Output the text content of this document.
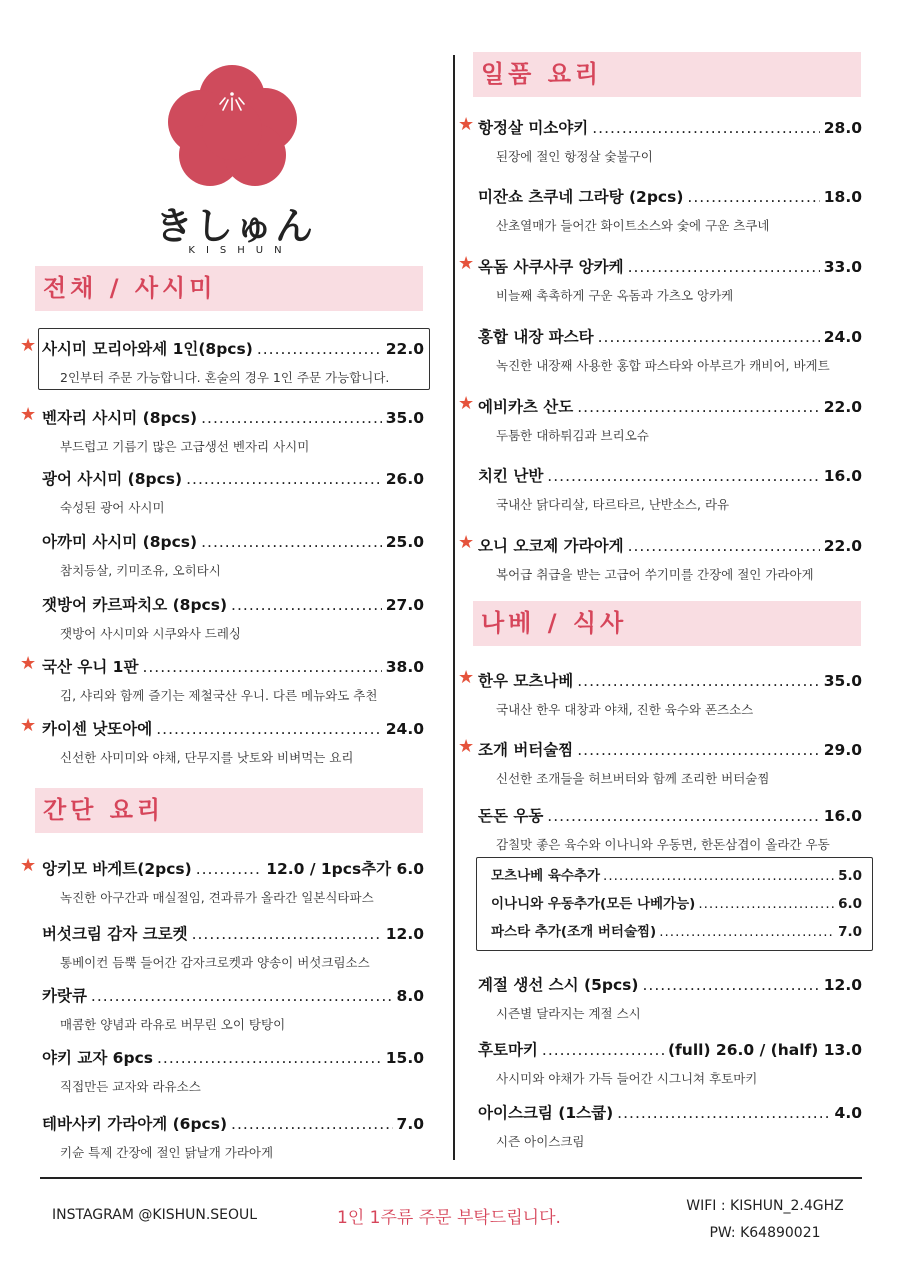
きしゅん
KISHUN
전채 / 사시미
간단 요리
일품 요리
나베 / 식사
사시미 모리아와세 1인(8pcs) .....	22.0
2인부터 주문 가능합니다. 혼술의 경우 1인 주문 가능합니다.
★
벤자리 사시미 (8pcs) .....	35.0
부드럽고 기름기 많은 고급생선 벤자리 사시미
★
광어 사시미 (8pcs) .....	26.0
숙성된 광어 사시미
아까미 사시미 (8pcs) .....	25.0
참치등살, 키미조유, 오히타시
잿방어 카르파치오 (8pcs) .....	27.0
잿방어 사시미와 시쿠와사 드레싱
국산 우니 1판 .....	38.0
김, 샤리와 함께 즐기는 제철국산 우니. 다른 메뉴와도 추천
★
카이센 낫또아에 .....	24.0
신선한 사미미와 야채, 단무지를 낫토와 비벼먹는 요리
★
앙키모 바게트(2pcs) .....	12.0 / 1pcs추가 6.0
녹진한 아구간과 매실절임, 견과류가 올라간 일본식타파스
★
버섯크림 감자 크로켓 .....	12.0
통베이컨 듬뿍 들어간 감자크로켓과 양송이 버섯크림소스
카랏큐 .....	8.0
매콤한 양념과 라유로 버무린 오이 탕탕이
야키 교자 6pcs .....	15.0
직접만든 교자와 라유소스
테바사키 가라아게 (6pcs) .....	7.0
키슌 특제 간장에 절인 닭날개 가라아게
항정살 미소야키 .....	28.0
된장에 절인 항정살 숯불구이
★
미잔쇼 츠쿠네 그라탕 (2pcs) .....	18.0
산초열매가 들어간 화이트소스와 숯에 구운 츠쿠네
옥돔 사쿠사쿠 앙카케 .....	33.0
비늘째 촉촉하게 구운 옥돔과 가츠오 앙카케
★
홍합 내장 파스타 .....	24.0
녹진한 내장째 사용한 홍합 파스타와 아부르가 캐비어, 바게트
에비카츠 산도 .....	22.0
두툼한 대하튀김과 브리오슈
★
치킨 난반 .....	16.0
국내산 닭다리살, 타르타르, 난반소스, 라유
오니 오코제 가라아게 .....	22.0
복어급 취급을 받는 고급어 쑤기미를 간장에 절인 가라아게
★
한우 모츠나베 .....	35.0
국내산 한우 대창과 야채, 진한 육수와 폰즈소스
★
조개 버터술찜 .....	29.0
신선한 조개들을 허브버터와 함께 조리한 버터술찜
★
돈돈 우동 .....	16.0
감칠맛 좋은 육수와 이나니와 우동면, 한돈삼겹이 올라간 우동
계절 생선 스시 (5pcs) .....	12.0
시즌별 달라지는 계절 스시
후토마키 .....	(full) 26.0 / (half) 13.0
사시미와 야채가 가득 들어간 시그니쳐 후토마키
아이스크림 (1스쿱) .....	4.0
시즌 아이스크림
모츠나베 육수추가 .....	5.0
이나니와 우동추가(모든 나베가능) .....	6.0
파스타 추가(조개 버터술찜) .....	7.0
INSTAGRAM @KISHUN.SEOUL	1인 1주류 주문 부탁드립니다.
WIFI : KISHUN_2.4GHZ
PW: K64890021
